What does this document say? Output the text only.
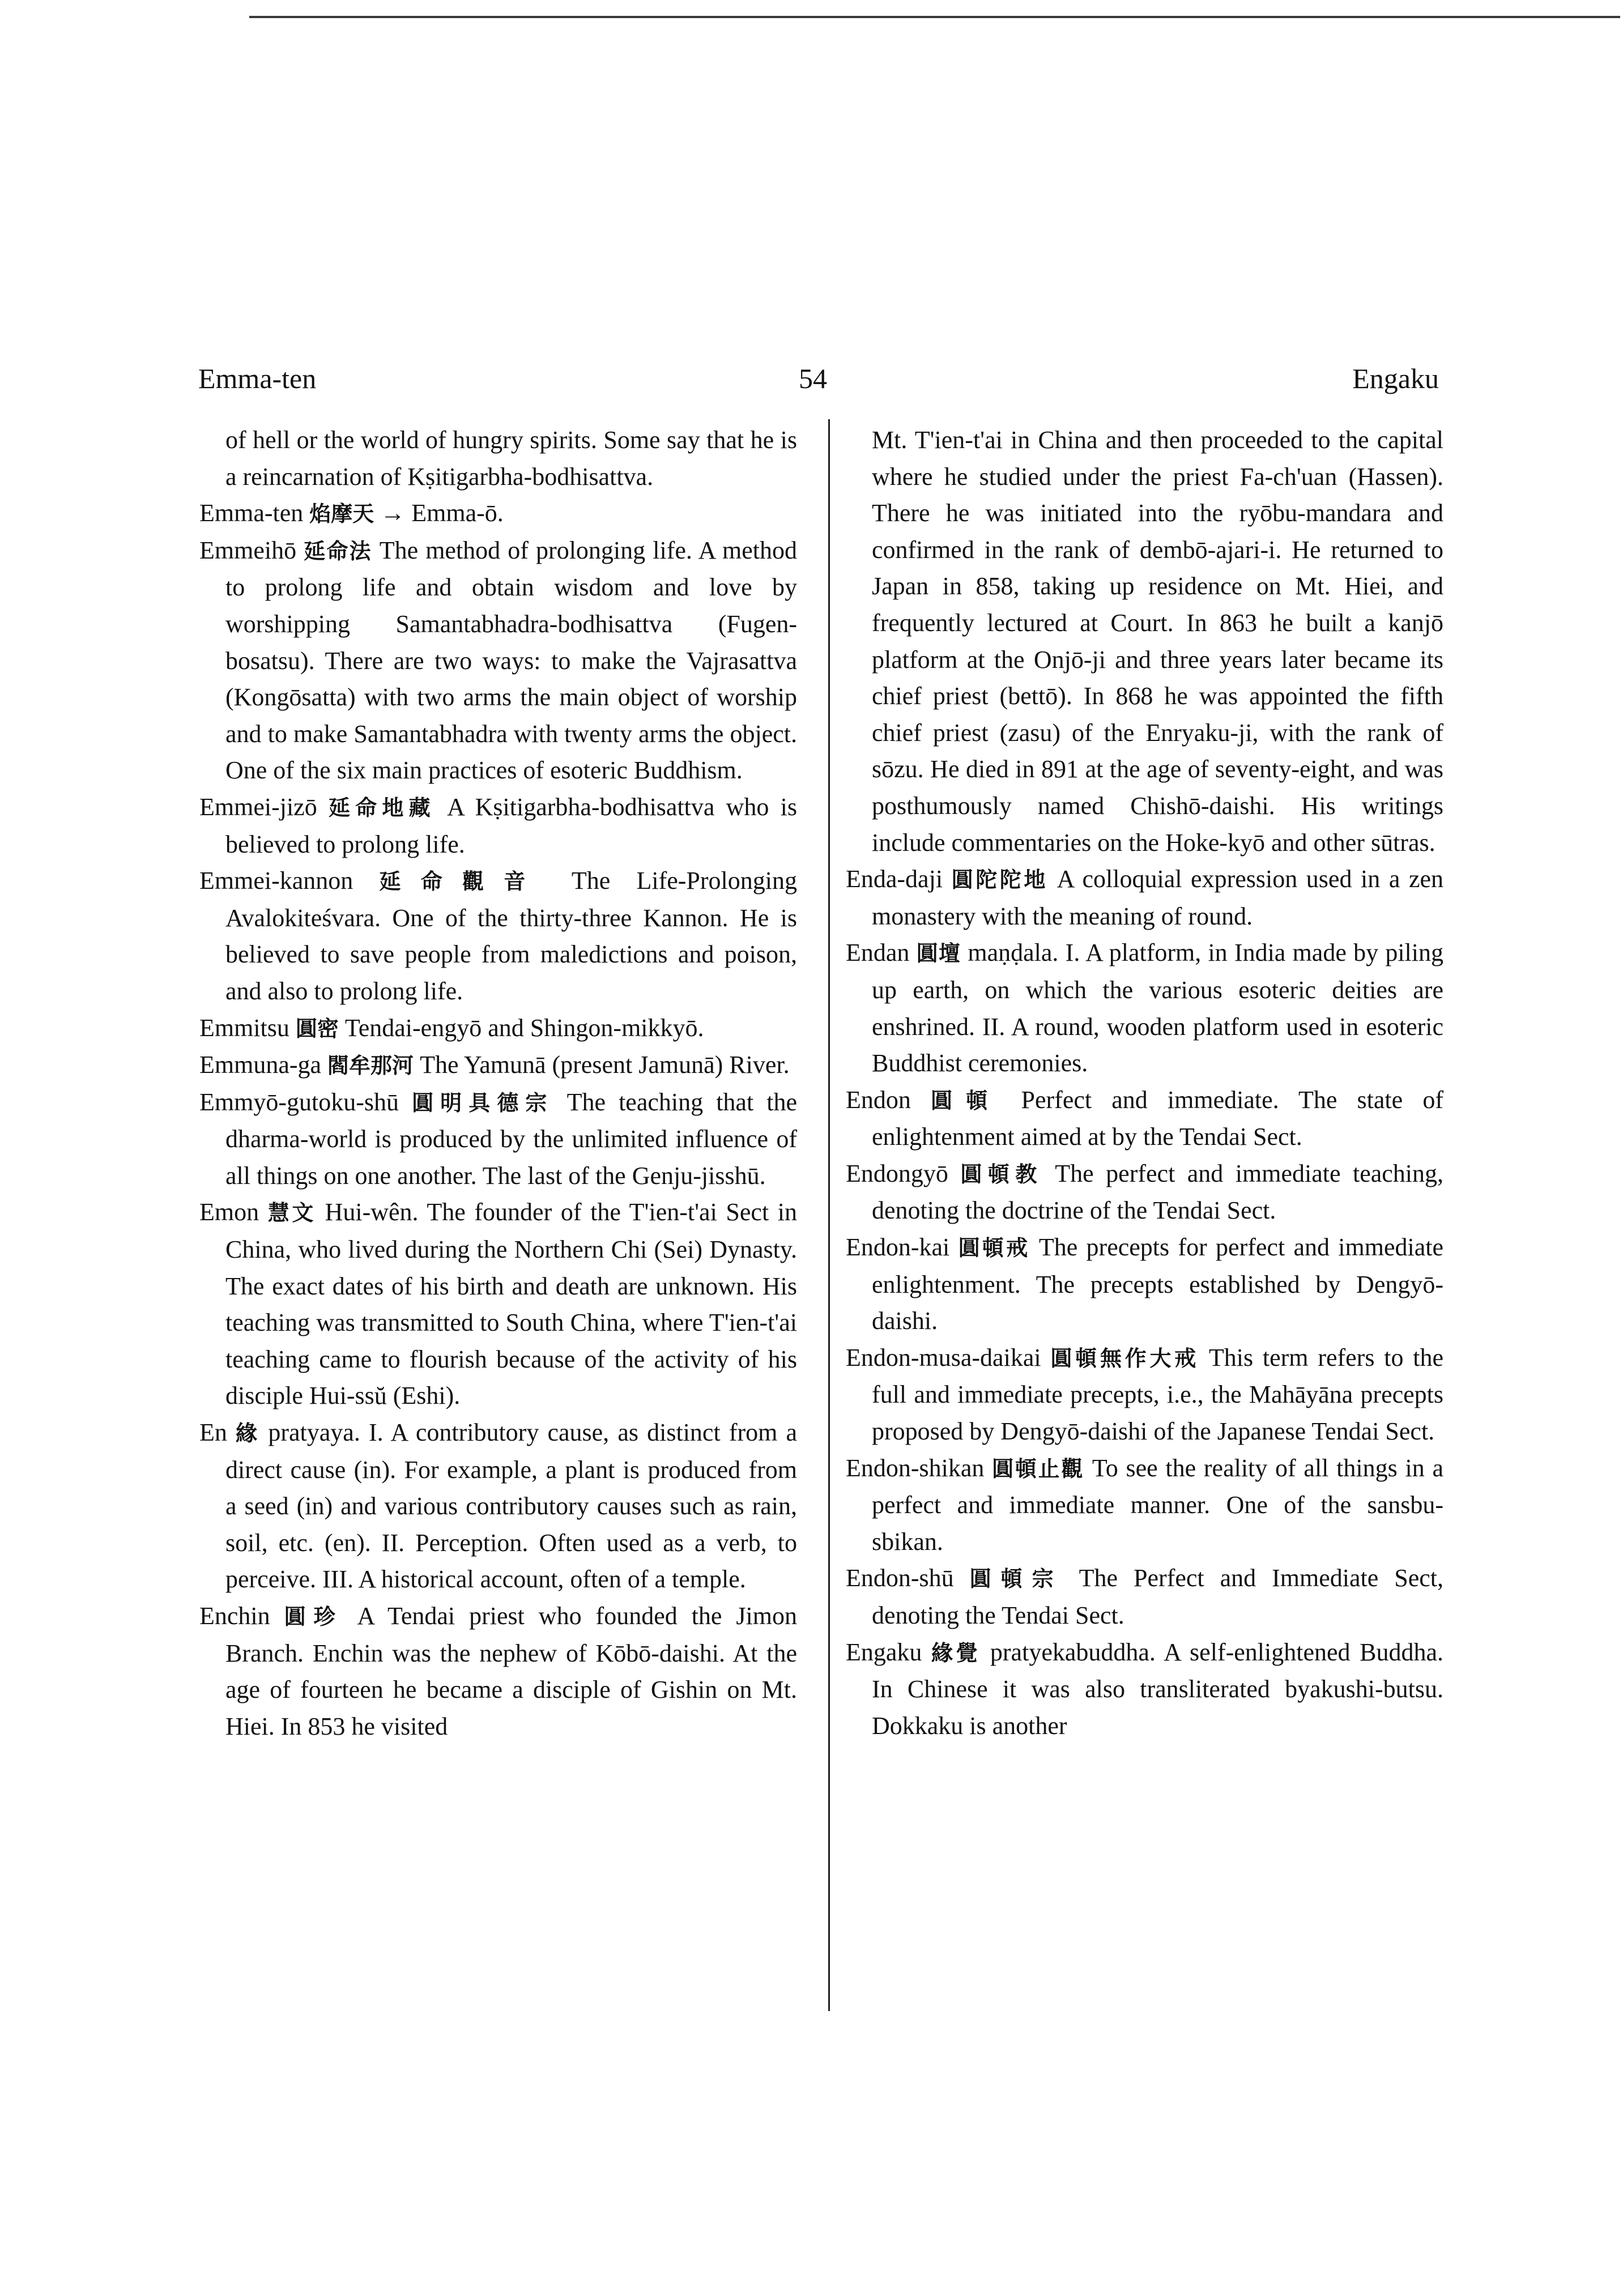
Emma-ten	54	Engaku

of hell or the world of hungry spirits. Some say that he is a reincarnation of Kṣitigarbha-bodhisattva.

Emma-ten 焰摩天 → Emma-ō.

Emmeihō 延命法 The method of prolonging life. A method to prolong life and obtain wisdom and love by worshipping Samantabhadra-bodhisattva (Fugen-bosatsu). There are two ways: to make the Vajrasattva (Kongōsatta) with two arms the main object of worship and to make Samantabhadra with twenty arms the object. One of the six main practices of esoteric Buddhism.

Emmei-jizō 延命地藏 A Kṣitigarbha-bodhisattva who is believed to prolong life.

Emmei-kannon 延命觀音 The Life-Prolonging Avalokiteśvara. One of the thirty-three Kannon. He is believed to save people from maledictions and poison, and also to prolong life.

Emmitsu 圓密 Tendai-engyō and Shingon-mikkyō.

Emmuna-ga 閻牟那河 The Yamunā (present Jamunā) River.

Emmyō-gutoku-shū 圓明具德宗 The teaching that the dharma-world is produced by the unlimited influence of all things on one another. The last of the Genju-jisshū.

Emon 慧文 Hui-wên. The founder of the T'ien-t'ai Sect in China, who lived during the Northern Chi (Sei) Dynasty. The exact dates of his birth and death are unknown. His teaching was transmitted to South China, where T'ien-t'ai teaching came to flourish because of the activity of his disciple Hui-ssŭ (Eshi).

En 緣 pratyaya. I. A contributory cause, as distinct from a direct cause (in). For example, a plant is produced from a seed (in) and various contributory causes such as rain, soil, etc. (en). II. Perception. Often used as a verb, to perceive. III. A historical account, often of a temple.

Enchin 圓珍 A Tendai priest who founded the Jimon Branch. Enchin was the nephew of Kōbō-daishi. At the age of fourteen he became a disciple of Gishin on Mt. Hiei. In 853 he visited

Mt. T'ien-t'ai in China and then proceeded to the capital where he studied under the priest Fa-ch'uan (Hassen). There he was initiated into the ryōbu-mandara and confirmed in the rank of dembō-ajari-i. He returned to Japan in 858, taking up residence on Mt. Hiei, and frequently lectured at Court. In 863 he built a kanjō platform at the Onjō-ji and three years later became its chief priest (bettō). In 868 he was appointed the fifth chief priest (zasu) of the Enryaku-ji, with the rank of sōzu. He died in 891 at the age of seventy-eight, and was posthumously named Chishō-daishi. His writings include commentaries on the Hoke-kyō and other sūtras.

Enda-daji 圓陀陀地 A colloquial expression used in a zen monastery with the meaning of round.

Endan 圓壇 maṇḍala. I. A platform, in India made by piling up earth, on which the various esoteric deities are enshrined. II. A round, wooden platform used in esoteric Buddhist ceremonies.

Endon 圓頓 Perfect and immediate. The state of enlightenment aimed at by the Tendai Sect.

Endongyō 圓頓教 The perfect and immediate teaching, denoting the doctrine of the Tendai Sect.

Endon-kai 圓頓戒 The precepts for perfect and immediate enlightenment. The precepts established by Dengyō-daishi.

Endon-musa-daikai 圓頓無作大戒 This term refers to the full and immediate precepts, i.e., the Mahāyāna precepts proposed by Dengyō-daishi of the Japanese Tendai Sect.

Endon-shikan 圓頓止觀 To see the reality of all things in a perfect and immediate manner. One of the sansbu-sbikan.

Endon-shū 圓頓宗 The Perfect and Immediate Sect, denoting the Tendai Sect.

Engaku 緣覺 pratyekabuddha. A self-enlightened Buddha. In Chinese it was also transliterated byakushi-butsu. Dokkaku is another
